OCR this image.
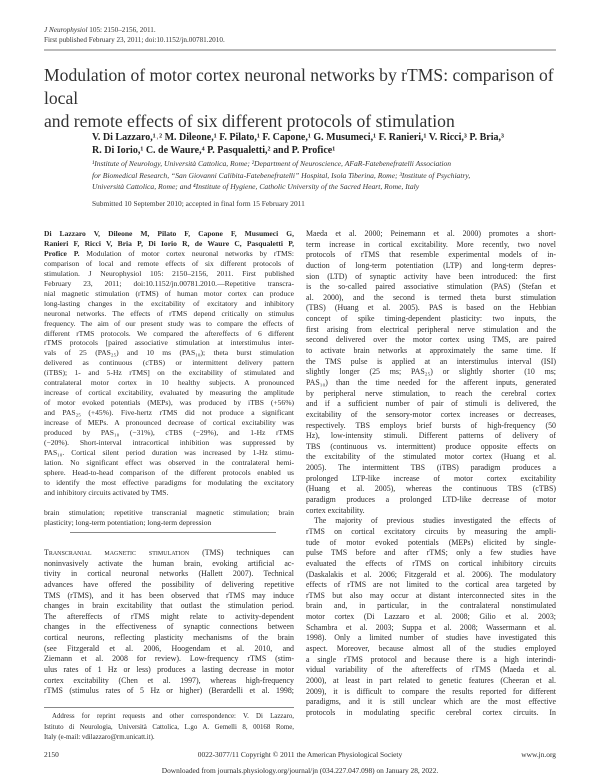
J Neurophysiol 105: 2150–2156, 2011.
First published February 23, 2011; doi:10.1152/jn.00781.2010.
Modulation of motor cortex neuronal networks by rTMS: comparison of local
and remote effects of six different protocols of stimulation
V. Di Lazzaro,¹˒² M. Dileone,¹ F. Pilato,¹ F. Capone,¹ G. Musumeci,¹ F. Ranieri,¹ V. Ricci,³ P. Bria,³
R. Di Iorio,¹ C. de Waure,⁴ P. Pasqualetti,² and P. Profice¹
¹Institute of Neurology, Università Cattolica, Rome; ²Department of Neuroscience, AFaR-Fatebenefratelli Association
for Biomedical Research, “San Giovanni Calibita-Fatebenefratelli” Hospital, Isola Tiberina, Rome; ³Institute of Psychiatry,
Università Cattolica, Rome; and ⁴Institute of Hygiene, Catholic University of the Sacred Heart, Rome, Italy
Submitted 10 September 2010; accepted in final form 15 February 2011
Di Lazzaro V, Dileone M, Pilato F, Capone F, Musumeci G,
Ranieri F, Ricci V, Bria P, Di Iorio R, de Waure C, Pasqualetti P,
Profice P. Modulation of motor cortex neuronal networks by rTMS:
comparison of local and remote effects of six different protocols of
stimulation. J Neurophysiol 105: 2150–2156, 2011. First published
February 23, 2011; doi:10.1152/jn.00781.2010.—Repetitive transcra-
nial magnetic stimulation (rTMS) of human motor cortex can produce
long-lasting changes in the excitability of excitatory and inhibitory
neuronal networks. The effects of rTMS depend critically on stimulus
frequency. The aim of our present study was to compare the effects of
different rTMS protocols. We compared the aftereffects of 6 different
rTMS protocols [paired associative stimulation at interstimulus inter-
vals of 25 (PAS₂₅) and 10 ms (PAS₁₀); theta burst stimulation
delivered as continuous (cTBS) or intermittent delivery pattern
(iTBS); 1- and 5-Hz rTMS] on the excitability of stimulated and
contralateral motor cortex in 10 healthy subjects. A pronounced
increase of cortical excitability, evaluated by measuring the amplitude
of motor evoked potentials (MEPs), was produced by iTBS (+56%)
and PAS₂₅ (+45%). Five-hertz rTMS did not produce a significant
increase of MEPs. A pronounced decrease of cortical excitability was
produced by PAS₁₀ (−31%), cTBS (−29%), and 1-Hz rTMS
(−20%). Short-interval intracortical inhibition was suppressed by
PAS₁₀. Cortical silent period duration was increased by 1-Hz stimu-
lation. No significant effect was observed in the contralateral hemi-
sphere. Head-to-head comparison of the different protocols enabled us
to identify the most effective paradigms for modulating the excitatory
and inhibitory circuits activated by TMS.
brain stimulation; repetitive transcranial magnetic stimulation; brain
plasticity; long-term potentiation; long-term depression
Transcranial magnetic stimulation (TMS) techniques can
noninvasively activate the human brain, evoking artificial ac-
tivity in cortical neuronal networks (Hallett 2007). Technical
advances have offered the possibility of delivering repetitive
TMS (rTMS), and it has been observed that rTMS may induce
changes in brain excitability that outlast the stimulation period.
The aftereffects of rTMS might relate to activity-dependent
changes in the effectiveness of synaptic connections between
cortical neurons, reflecting plasticity mechanisms of the brain
(see Fitzgerald et al. 2006, Hoogendam et al. 2010, and
Ziemann et al. 2008 for review). Low-frequency rTMS (stim-
ulus rates of 1 Hz or less) produces a lasting decrease in motor
cortex excitability (Chen et al. 1997), whereas high-frequency
rTMS (stimulus rates of 5 Hz or higher) (Berardelli et al. 1998;
Address for reprint requests and other correspondence: V. Di Lazzaro,
Istituto di Neurologia, Università Cattolica, L.go A. Gemelli 8, 00168 Rome,
Italy (e-mail: vdilazzaro@rm.unicatt.it).
Maeda et al. 2000; Peinemann et al. 2000) promotes a short-
term increase in cortical excitability. More recently, two novel
protocols of rTMS that resemble experimental models of in-
duction of long-term potentiation (LTP) and long-term depres-
sion (LTD) of synaptic activity have been introduced: the first
is the so-called paired associative stimulation (PAS) (Stefan et
al. 2000), and the second is termed theta burst stimulation
(TBS) (Huang et al. 2005). PAS is based on the Hebbian
concept of spike timing-dependent plasticity: two inputs, the
first arising from electrical peripheral nerve stimulation and the
second delivered over the motor cortex using TMS, are paired
to activate brain networks at approximately the same time. If
the TMS pulse is applied at an interstimulus interval (ISI)
slightly longer (25 ms; PAS₂₅) or slightly shorter (10 ms;
PAS₁₀) than the time needed for the afferent inputs, generated
by peripheral nerve stimulation, to reach the cerebral cortex
and if a sufficient number of pair of stimuli is delivered, the
excitability of the sensory-motor cortex increases or decreases,
respectively. TBS employs brief bursts of high-frequency (50
Hz), low-intensity stimuli. Different patterns of delivery of
TBS (continuous vs. intermittent) produce opposite effects on
the excitability of the stimulated motor cortex (Huang et al.
2005). The intermittent TBS (iTBS) paradigm produces a
prolonged LTP-like increase of motor cortex excitability
(Huang et al. 2005), whereas the continuous TBS (cTBS)
paradigm produces a prolonged LTD-like decrease of motor
cortex excitability.
The majority of previous studies investigated the effects of
rTMS on cortical excitatory circuits by measuring the ampli-
tude of motor evoked potentials (MEPs) elicited by single-
pulse TMS before and after rTMS; only a few studies have
evaluated the effects of rTMS on cortical inhibitory circuits
(Daskalakis et al. 2006; Fitzgerald et al. 2006). The modulatory
effects of rTMS are not limited to the cortical area targeted by
rTMS but also may occur at distant interconnected sites in the
brain and, in particular, in the contralateral nonstimulated
motor cortex (Di Lazzaro et al. 2008; Gilio et al. 2003;
Schambra et al. 2003; Suppa et al. 2008; Wassermann et al.
1998). Only a limited number of studies have investigated this
aspect. Moreover, because almost all of the studies employed
a single rTMS protocol and because there is a high interindi-
vidual variability of the aftereffects of rTMS (Maeda et al.
2000), at least in part related to genetic features (Cheeran et al.
2009), it is difficult to compare the results reported for different
paradigms, and it is still unclear which are the most effective
protocols in modulating specific cerebral cortex circuits. In
2150	0022-3077/11 Copyright © 2011 the American Physiological Society	www.jn.org
Downloaded from journals.physiology.org/journal/jn (034.227.047.098) on January 28, 2022.
